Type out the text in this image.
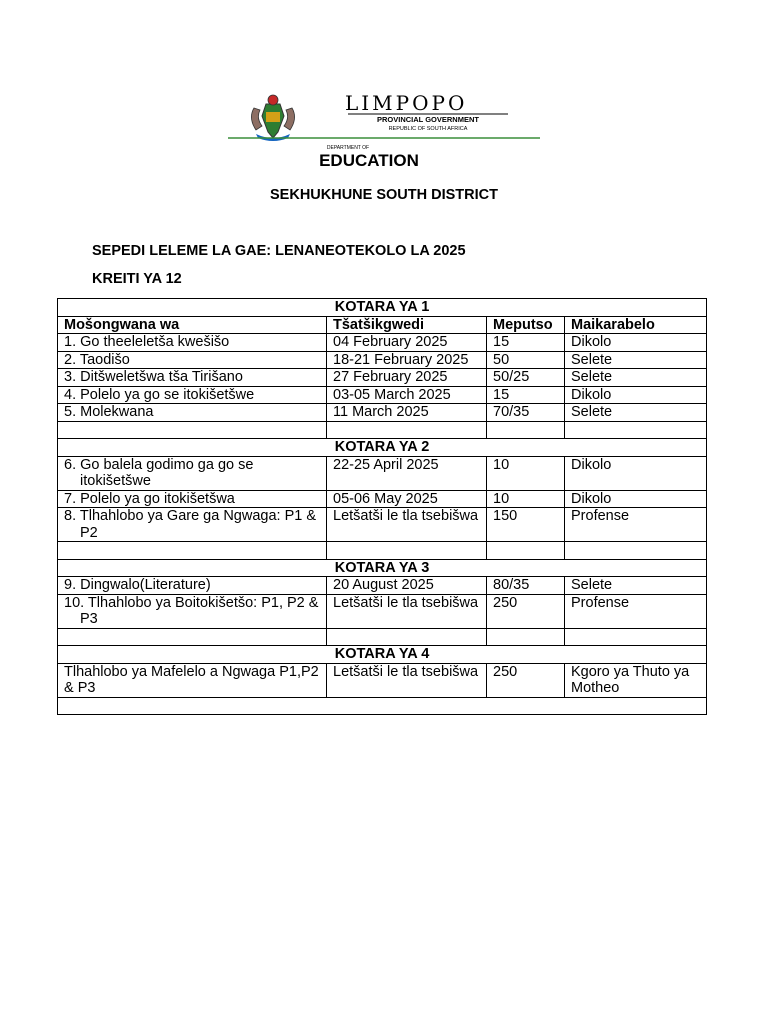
LIMPOPO
PROVINCIAL GOVERNMENT
REPUBLIC OF SOUTH AFRICA
DEPARTMENT OF
EDUCATION
SEKHUKHUNE SOUTH DISTRICT
SEPEDI LELEME LA GAE: LENANEOTEKOLO LA 2025
KREITI YA 12
KOTARA YA 1			
Mošongwana wa	Tšatšikgwedi	Meputso	Maikarabelo
1. Go theeleletša kwešišo	04 February 2025	15	Dikolo
2. Taodišo	18-21 February 2025	50	Selete
3. Ditšweletšwa tša Tirišano	27 February 2025	50/25	Selete
4. Polelo ya go se itokišetšwe	03-05 March 2025	15	Dikolo
5. Molekwana	11 March 2025	70/35	Selete

KOTARA YA 2			
6. Go balela godimo ga go se itokišetšwe	22-25 April 2025	10	Dikolo
7. Polelo ya go itokišetšwa	05-06 May 2025	10	Dikolo
8. Tlhahlobo ya Gare ga Ngwaga: P1 & P2	Letšatši le tla tsebišwa	150	Profense

KOTARA YA 3			
9. Dingwalo(Literature)	20 August 2025	80/35	Selete
10. Tlhahlobo ya Boitokišetšo: P1, P2 & P3	Letšatši le tla tsebišwa	250	Profense

KOTARA YA 4			
Tlhahlobo ya Mafelelo a Ngwaga P1,P2 & P3	Letšatši le tla tsebišwa	250	Kgoro ya Thuto ya Motheo
